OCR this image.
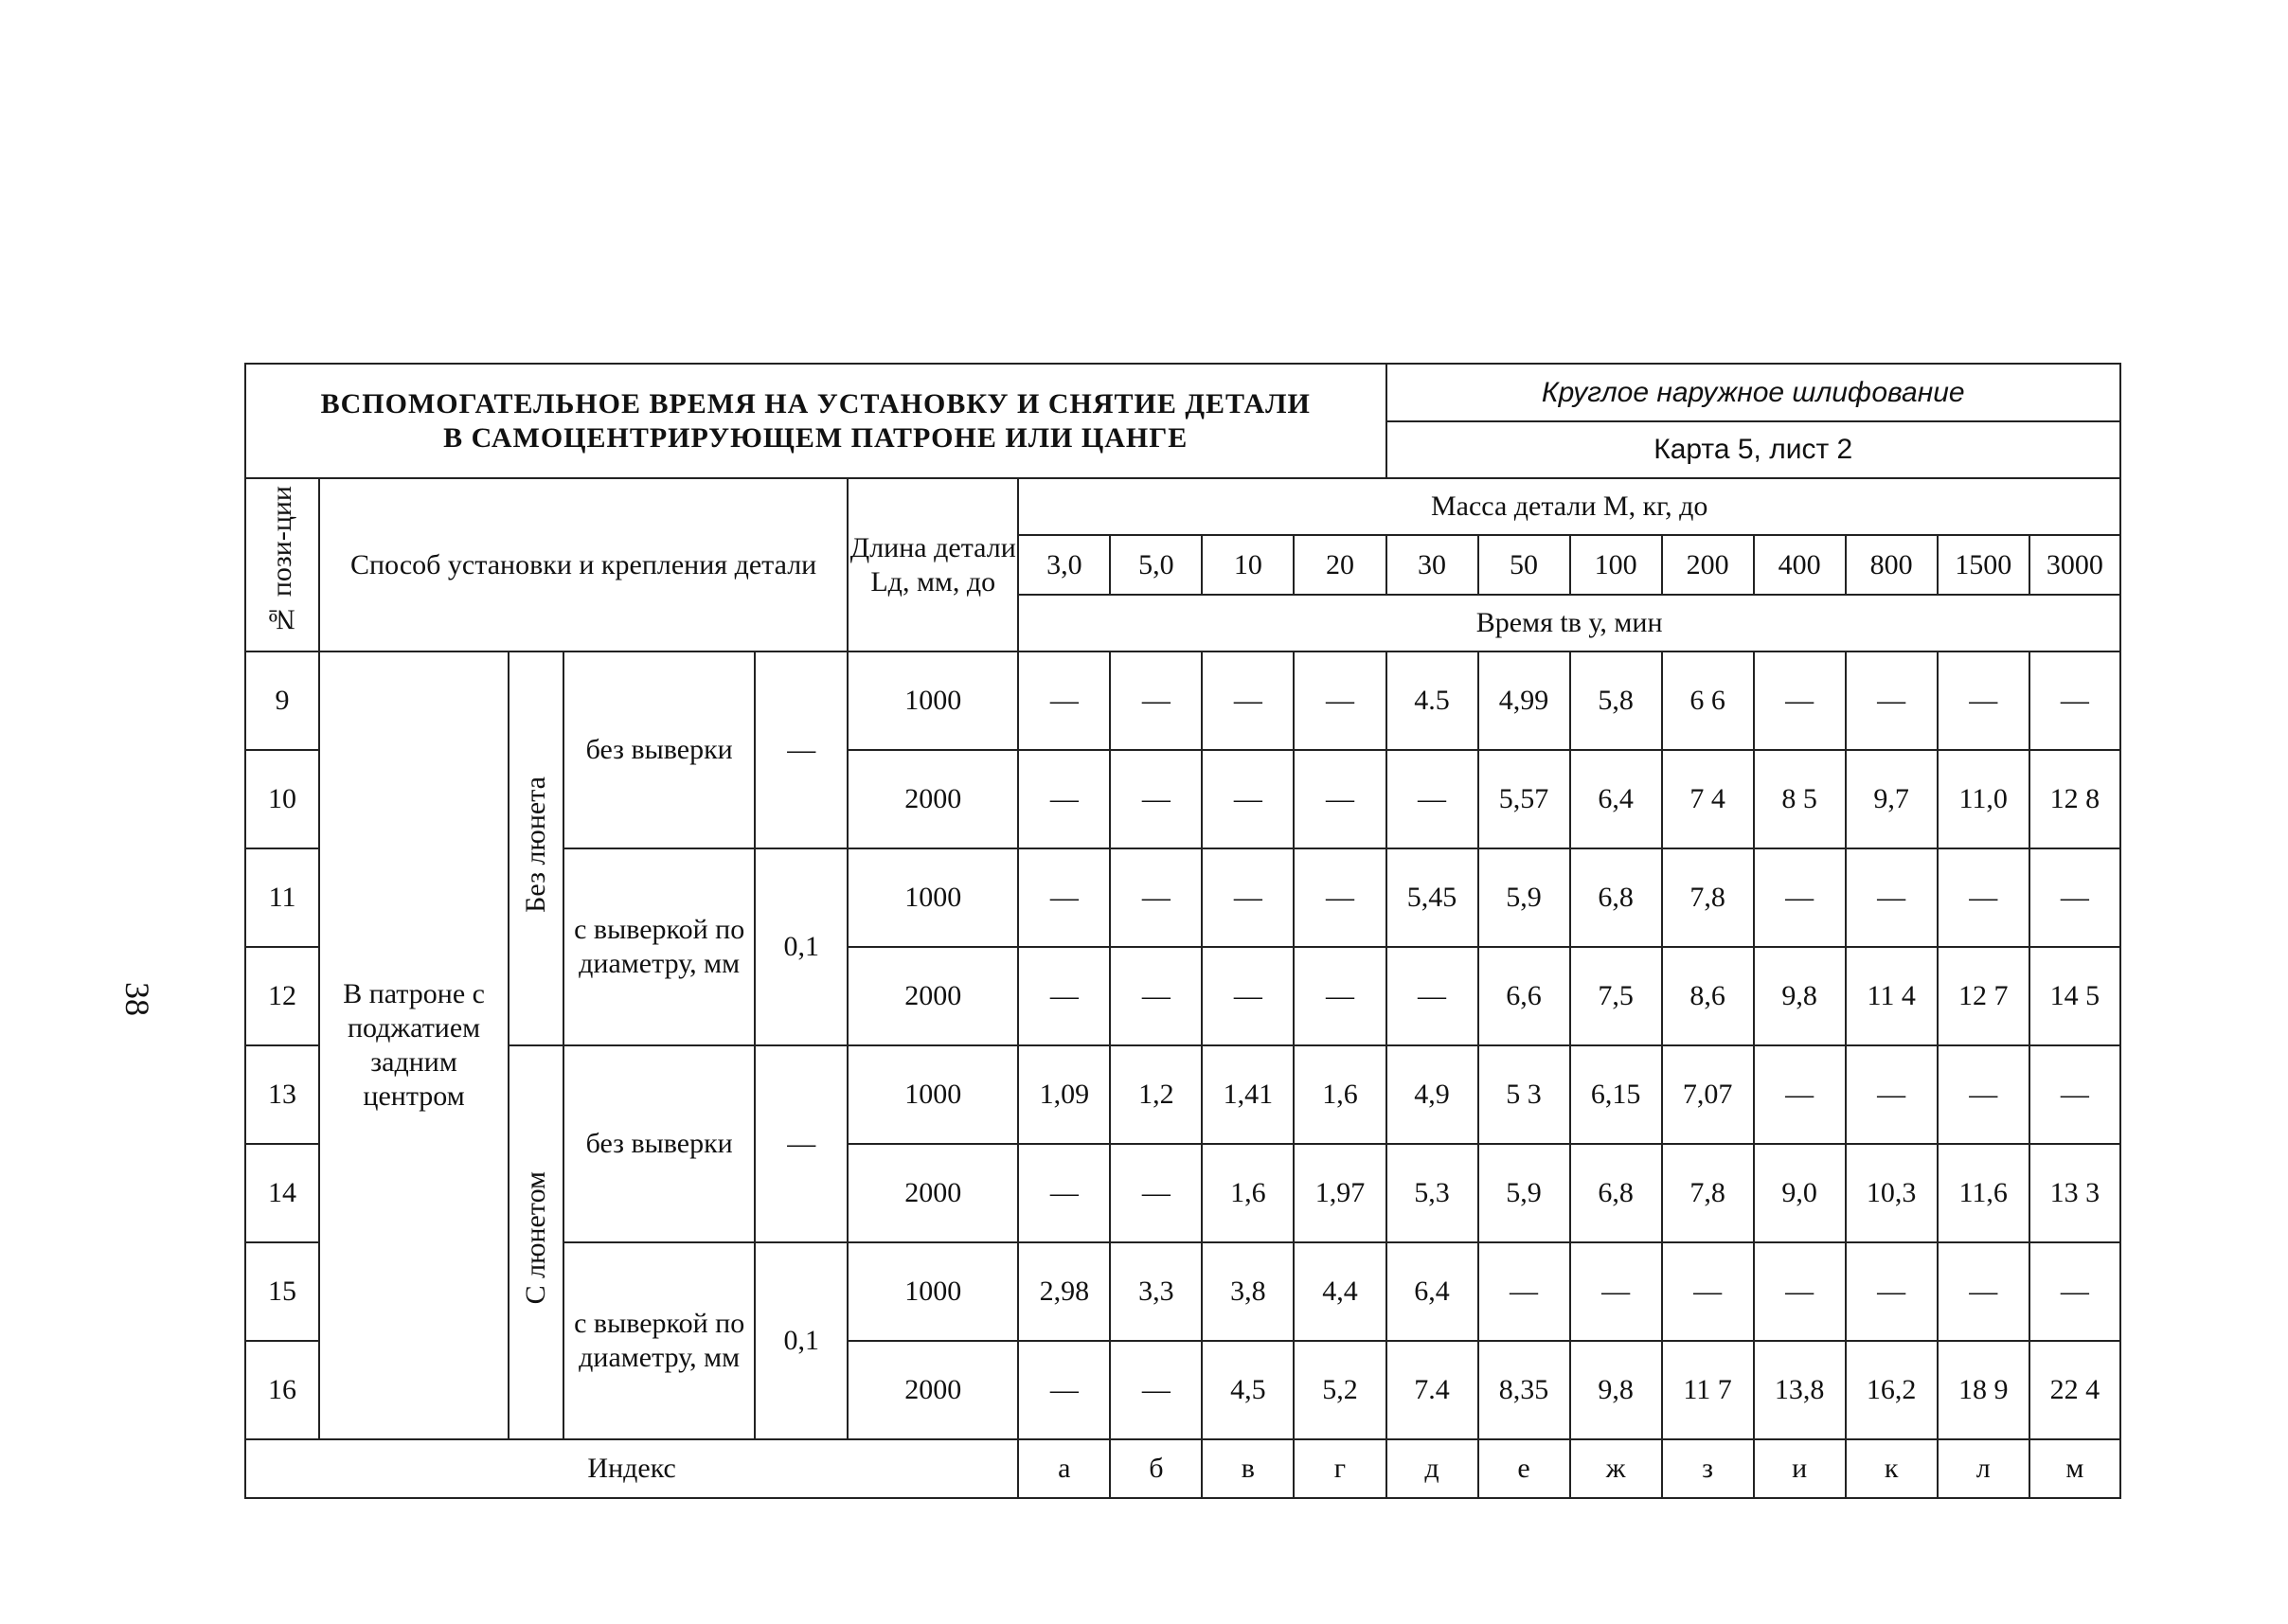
38
ВСПОМОГАТЕЛЬНОЕ ВРЕМЯ НА УСТАНОВКУ И СНЯТИЕ ДЕТАЛИ
В САМОЦЕНТРИРУЮЩЕМ ПАТРОНЕ ИЛИ ЦАНГЕ										Круглое наружное шлифование							
										Карта 5, лист 2							
№ пози-ции	Способ установки и крепления детали				Длина детали Lд, мм, до	Масса детали М, кг, до											
						3,0	5,0	10	20	30	50	100	200	400	800	1500	3000
						Время tв у, мин											
9	В патроне с поджатием задним центром	Без люнета	без выверки	—	1000	—	—	—	—	4.5	4,99	5,8	6 6	—	—	—	—
10					2000	—	—	—	—	—	5,57	6,4	7 4	8 5	9,7	11,0	12 8
11			с выверкой по диаметру, мм	0,1	1000	—	—	—	—	5,45	5,9	6,8	7,8	—	—	—	—
12					2000	—	—	—	—	—	6,6	7,5	8,6	9,8	11 4	12 7	14 5
13		С люнетом	без выверки	—	1000	1,09	1,2	1,41	1,6	4,9	5 3	6,15	7,07	—	—	—	—
14					2000	—	—	1,6	1,97	5,3	5,9	6,8	7,8	9,0	10,3	11,6	13 3
15			с выверкой по диаметру, мм	0,1	1000	2,98	3,3	3,8	4,4	6,4	—	—	—	—	—	—	—
16					2000	—	—	4,5	5,2	7.4	8,35	9,8	11 7	13,8	16,2	18 9	22 4
Индекс						а	б	в	г	д	е	ж	з	и	к	л	м
